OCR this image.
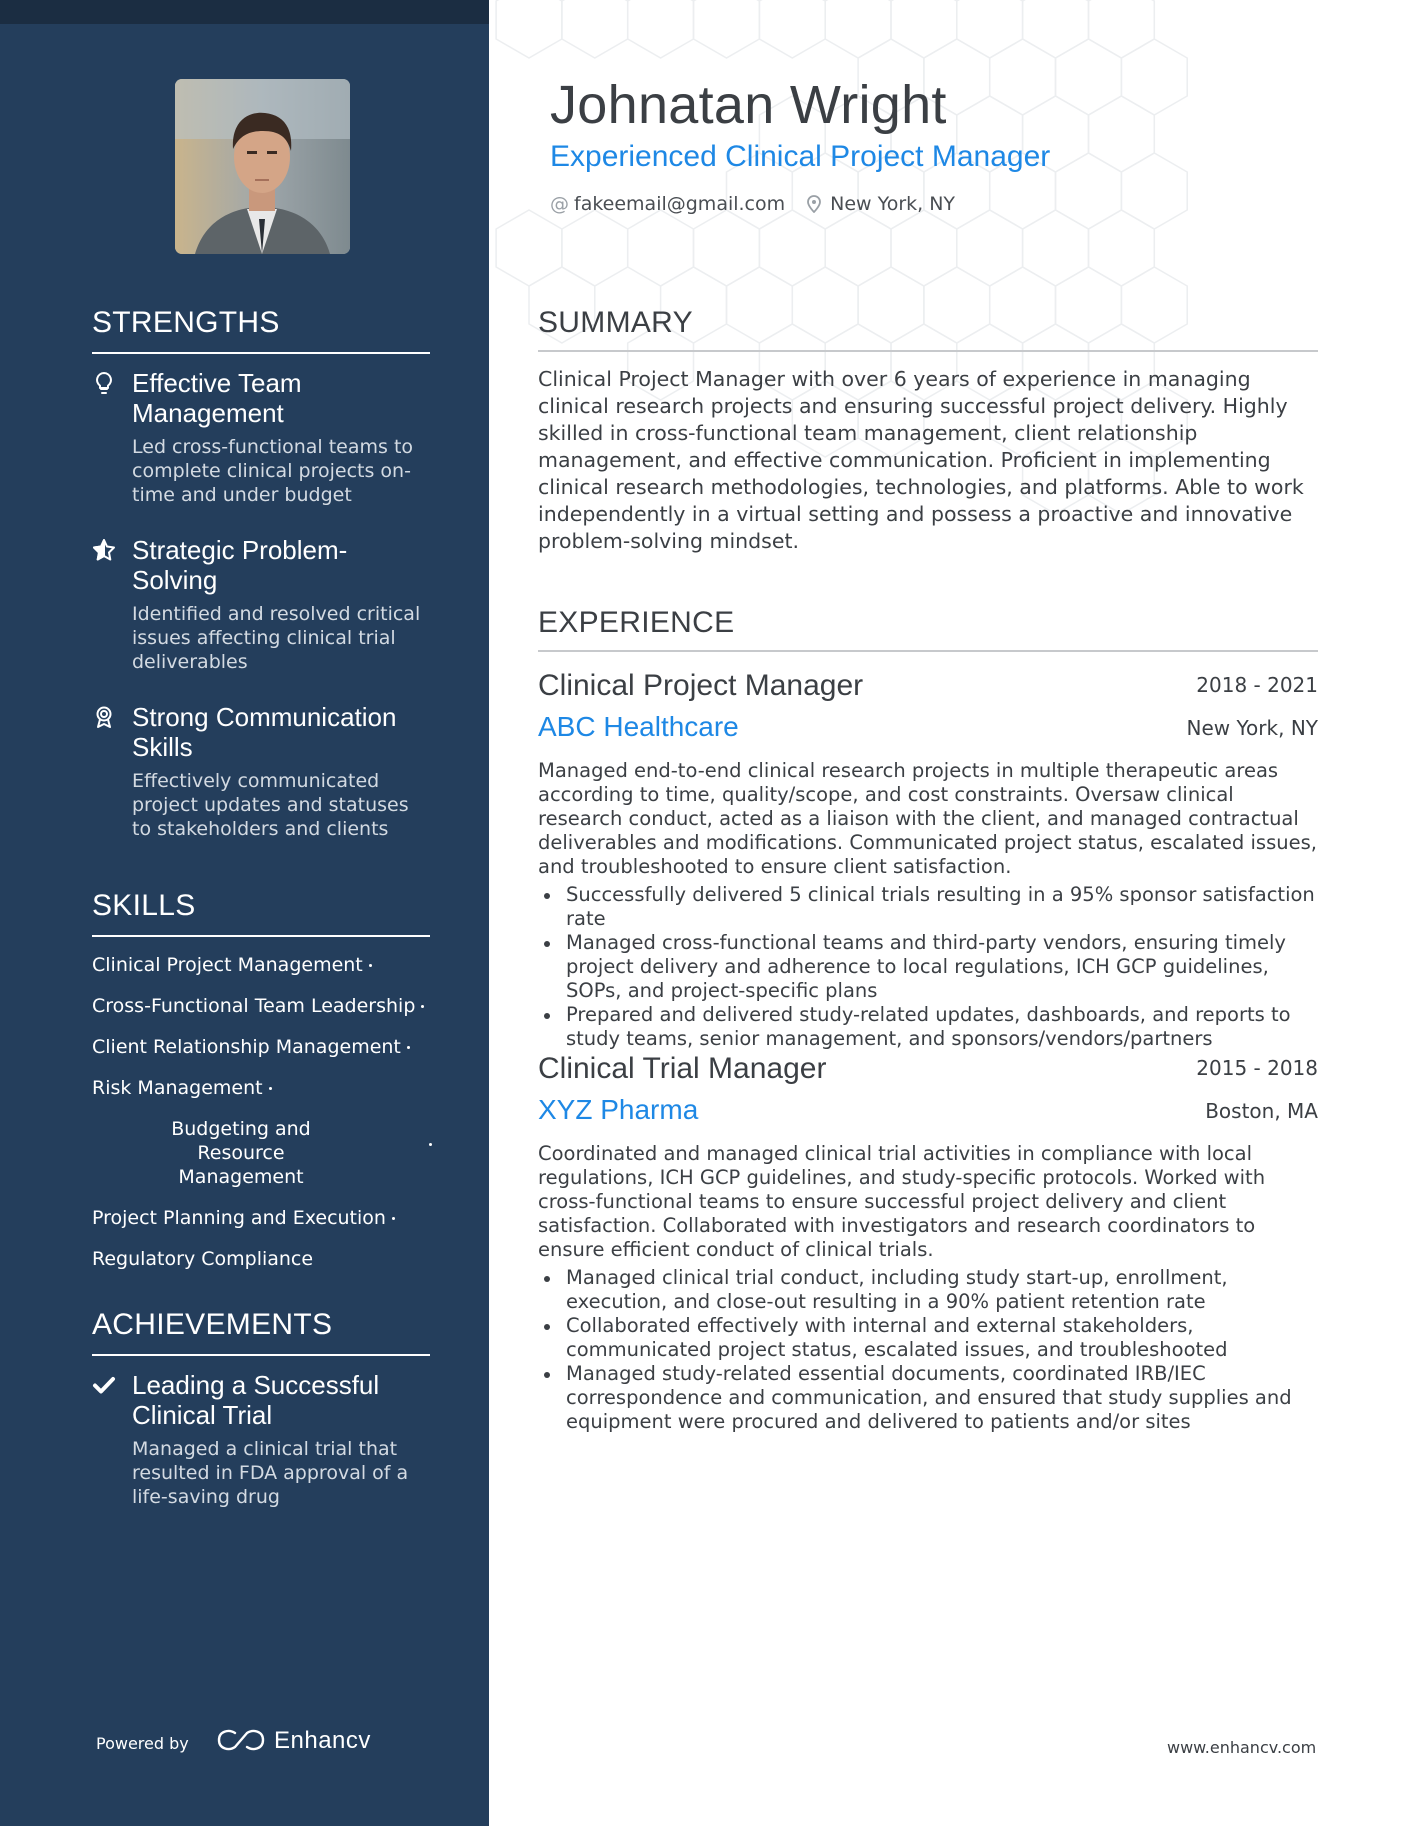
STRENGTHS
Effective Team Management
Led cross-functional teams to complete clinical projects on-time and under budget
Strategic Problem-Solving
Identified and resolved critical issues affecting clinical trial deliverables
Strong Communication Skills
Effectively communicated project updates and statuses to stakeholders and clients
SKILLS
Clinical Project Management
Cross-Functional Team Leadership
Client Relationship Management
Risk Management
Budgeting and Resource Management
Project Planning and Execution
Regulatory Compliance
ACHIEVEMENTS
Leading a Successful Clinical Trial
Managed a clinical trial that resulted in FDA approval of a life-saving drug
Powered by	Enhancv
Johnatan Wright
Experienced Clinical Project Manager
@ fakeemail@gmail.com New York, NY
SUMMARY
Clinical Project Manager with over 6 years of experience in managing clinical research projects and ensuring successful project delivery. Highly skilled in cross-functional team management, client relationship management, and effective communication. Proficient in implementing clinical research methodologies, technologies, and platforms. Able to work independently in a virtual setting and possess a proactive and innovative problem-solving mindset.
EXPERIENCE
Clinical Project Manager	2018 - 2021
ABC Healthcare	New York, NY
Managed end-to-end clinical research projects in multiple therapeutic areas according to time, quality/scope, and cost constraints. Oversaw clinical research conduct, acted as a liaison with the client, and managed contractual deliverables and modifications. Communicated project status, escalated issues, and troubleshooted to ensure client satisfaction.
Successfully delivered 5 clinical trials resulting in a 95% sponsor satisfaction rate
Managed cross-functional teams and third-party vendors, ensuring timely project delivery and adherence to local regulations, ICH GCP guidelines, SOPs, and project-specific plans
Prepared and delivered study-related updates, dashboards, and reports to study teams, senior management, and sponsors/vendors/partners
Clinical Trial Manager	2015 - 2018
XYZ Pharma	Boston, MA
Coordinated and managed clinical trial activities in compliance with local regulations, ICH GCP guidelines, and study-specific protocols. Worked with cross-functional teams to ensure successful project delivery and client satisfaction. Collaborated with investigators and research coordinators to ensure efficient conduct of clinical trials.
Managed clinical trial conduct, including study start-up, enrollment, execution, and close-out resulting in a 90% patient retention rate
Collaborated effectively with internal and external stakeholders, communicated project status, escalated issues, and troubleshooted
Managed study-related essential documents, coordinated IRB/IEC correspondence and communication, and ensured that study supplies and equipment were procured and delivered to patients and/or sites
www.enhancv.com
